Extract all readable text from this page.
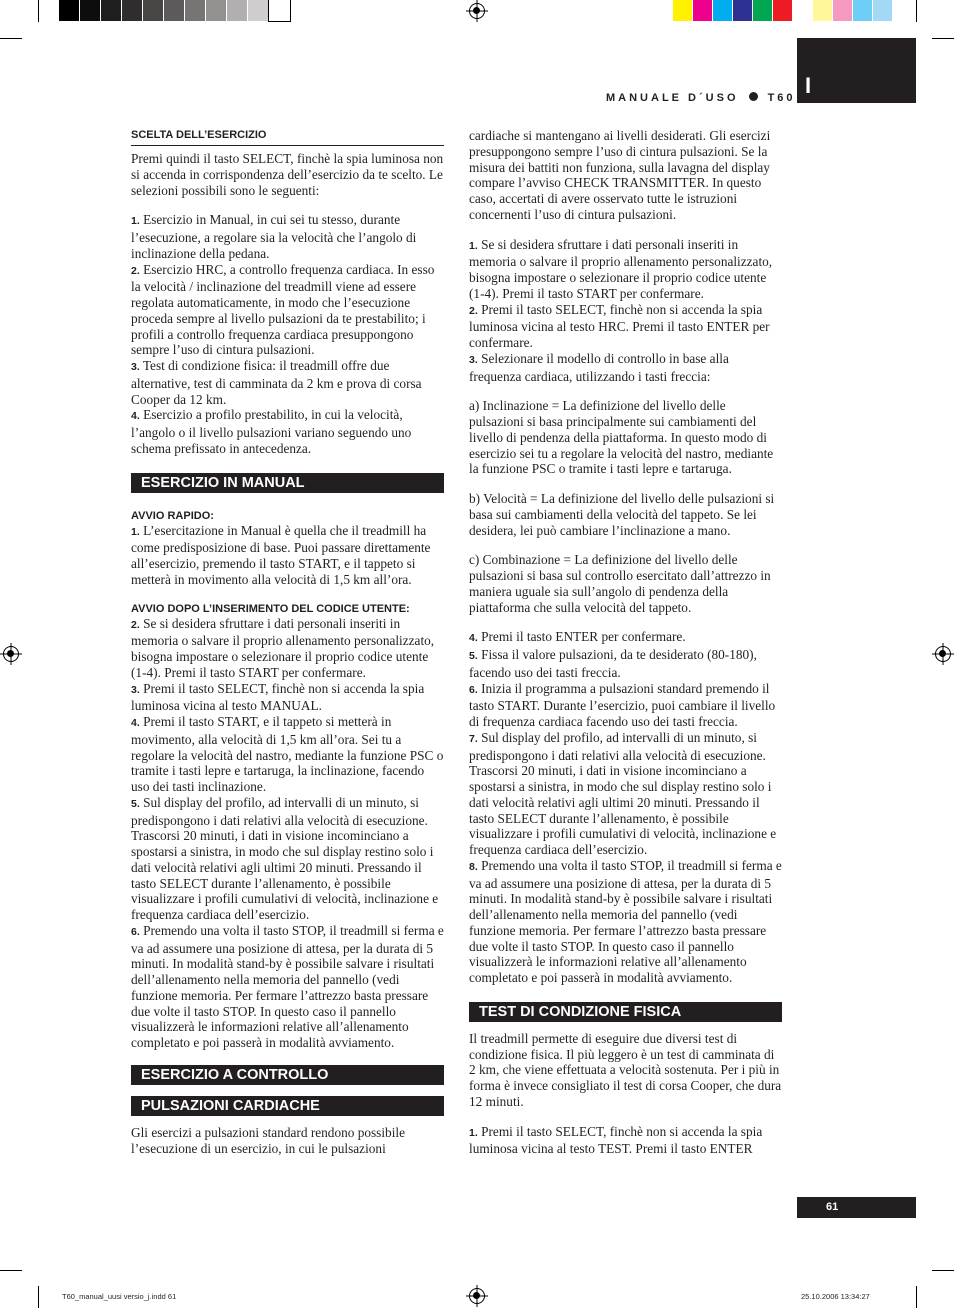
MANUALE D´USO	T60 I

SCELTA DELL’ESERCIZIO

Premi quindi il tasto SELECT, finchè la spia luminosa non si accenda in corrispondenza dell’esercizio da te scelto. Le selezioni possibili sono le seguenti:

1. Esercizio in Manual, in cui sei tu stesso, durante l’esecuzione, a regolare sia la velocità che l’angolo di inclinazione della pedana.

2. Esercizio HRC, a controllo frequenza cardiaca. In esso la velocità / inclinazione del treadmill viene ad essere regolata automaticamente, in modo che l’esecuzione proceda sempre al livello pulsazioni da te prestabilito; i profili a controllo frequenza cardiaca presuppongono sempre l’uso di cintura pulsazioni.

3. Test di condizione fisica: il treadmill offre due alternative, test di camminata da 2 km e prova di corsa Cooper da 12 km.

4. Esercizio a profilo prestabilito, in cui la velocità, l’angolo o il livello pulsazioni variano seguendo uno schema prefissato in antecedenza.

ESERCIZIO IN MANUAL

AVVIO RAPIDO:

1. L’esercitazione in Manual è quella che il treadmill ha come predisposizione di base. Puoi passare direttamente all’esercizio, premendo il tasto START, e il tappeto si metterà in movimento alla velocità di 1,5 km all’ora.

AVVIO DOPO L’INSERIMENTO DEL CODICE UTENTE:

2. Se si desidera sfruttare i dati personali inseriti in memoria o salvare il proprio allenamento personalizzato, bisogna impostare o selezionare il proprio codice utente (1-4). Premi il tasto START per confermare.

3. Premi il tasto SELECT, finchè non si accenda la spia luminosa vicina al testo MANUAL.

4. Premi il tasto START, e il tappeto si metterà in movimento, alla velocità di 1,5 km all’ora. Sei tu a regolare la velocità del nastro, mediante la funzione PSC o tramite i tasti lepre e tartaruga, la inclinazione, facendo uso dei tasti inclinazione.

5. Sul display del profilo, ad intervalli di un minuto, si predispongono i dati relativi alla velocità di esecuzione. Trascorsi 20 minuti, i dati in visione incominciano a spostarsi a sinistra, in modo che sul display restino solo i dati velocità relativi agli ultimi 20 minuti. Pressando il tasto SELECT durante l’allenamento, è possibile visualizzare i profili cumulativi di velocità, inclinazione e frequenza cardiaca dell’esercizio.

6. Premendo una volta il tasto STOP, il treadmill si ferma e va ad assumere una posizione di attesa, per la durata di 5 minuti. In modalità stand-by è possibile salvare i risultati dell’allenamento nella memoria del pannello (vedi funzione memoria. Per fermare l’attrezzo basta pressare due volte il tasto STOP. In questo caso il pannello visualizzerà le informazioni relative all’allenamento completato e poi passerà in modalità avviamento.

ESERCIZIO A CONTROLLO
PULSAZIONI CARDIACHE

Gli esercizi a pulsazioni standard rendono possibile l’esecuzione di un esercizio, in cui le pulsazioni

cardiache si mantengano ai livelli desiderati. Gli esercizi presuppongono sempre l’uso di cintura pulsazioni. Se la misura dei battiti non funziona, sulla lavagna del display compare l’avviso CHECK TRANSMITTER. In questo caso, accertati di avere osservato tutte le istruzioni concernenti l’uso di cintura pulsazioni.

1. Se si desidera sfruttare i dati personali inseriti in memoria o salvare il proprio allenamento personalizzato, bisogna impostare o selezionare il proprio codice utente (1-4). Premi il tasto START per confermare.

2. Premi il tasto SELECT, finchè non si accenda la spia luminosa vicina al testo HRC. Premi il tasto ENTER per confermare.

3. Selezionare il modello di controllo in base alla frequenza cardiaca, utilizzando i tasti freccia:

a) Inclinazione = La definizione del livello delle pulsazioni si basa principalmente sui cambiamenti del livello di pendenza della piattaforma. In questo modo di esercizio sei tu a regolare la velocità del nastro, mediante la funzione PSC o tramite i tasti lepre e tartaruga.

b) Velocità = La definizione del livello delle pulsazioni si basa sui cambiamenti della velocità del tappeto. Se lei desidera, lei può cambiare l’inclinazione a mano.

c) Combinazione = La definizione del livello delle pulsazioni si basa sul controllo esercitato dall’attrezzo in maniera uguale sia sull’angolo di pendenza della piattaforma che sulla velocità del tappeto.

4. Premi il tasto ENTER per confermare.

5. Fissa il valore pulsazioni, da te desiderato (80-180), facendo uso dei tasti freccia.

6. Inizia il programma a pulsazioni standard premendo il tasto START. Durante l’esercizio, puoi cambiare il livello di frequenza cardiaca facendo uso dei tasti freccia.

7. Sul display del profilo, ad intervalli di un minuto, si predispongono i dati relativi alla velocità di esecuzione. Trascorsi 20 minuti, i dati in visione incominciano a spostarsi a sinistra, in modo che sul display restino solo i dati velocità relativi agli ultimi 20 minuti. Pressando il tasto SELECT durante l’allenamento, è possibile visualizzare i profili cumulativi di velocità, inclinazione e frequenza cardiaca dell’esercizio.

8. Premendo una volta il tasto STOP, il treadmill si ferma e va ad assumere una posizione di attesa, per la durata di 5 minuti. In modalità stand-by è possibile salvare i risultati dell’allenamento nella memoria del pannello (vedi funzione memoria. Per fermare l’attrezzo basta pressare due volte il tasto STOP. In questo caso il pannello visualizzerà le informazioni relative all’allenamento completato e poi passerà in modalità avviamento.

TEST DI CONDIZIONE FISICA

Il treadmill permette di eseguire due diversi test di condizione fisica. Il più leggero è un test di camminata di 2 km, che viene effettuata a velocità sostenuta. Per i più in forma è invece consigliato il test di corsa Cooper, che dura 12 minuti.

1. Premi il tasto SELECT, finchè non si accenda la spia luminosa vicina al testo TEST. Premi il tasto ENTER

61
T60_manual_uusi versio_j.indd 61	25.10.2006 13:34:27
